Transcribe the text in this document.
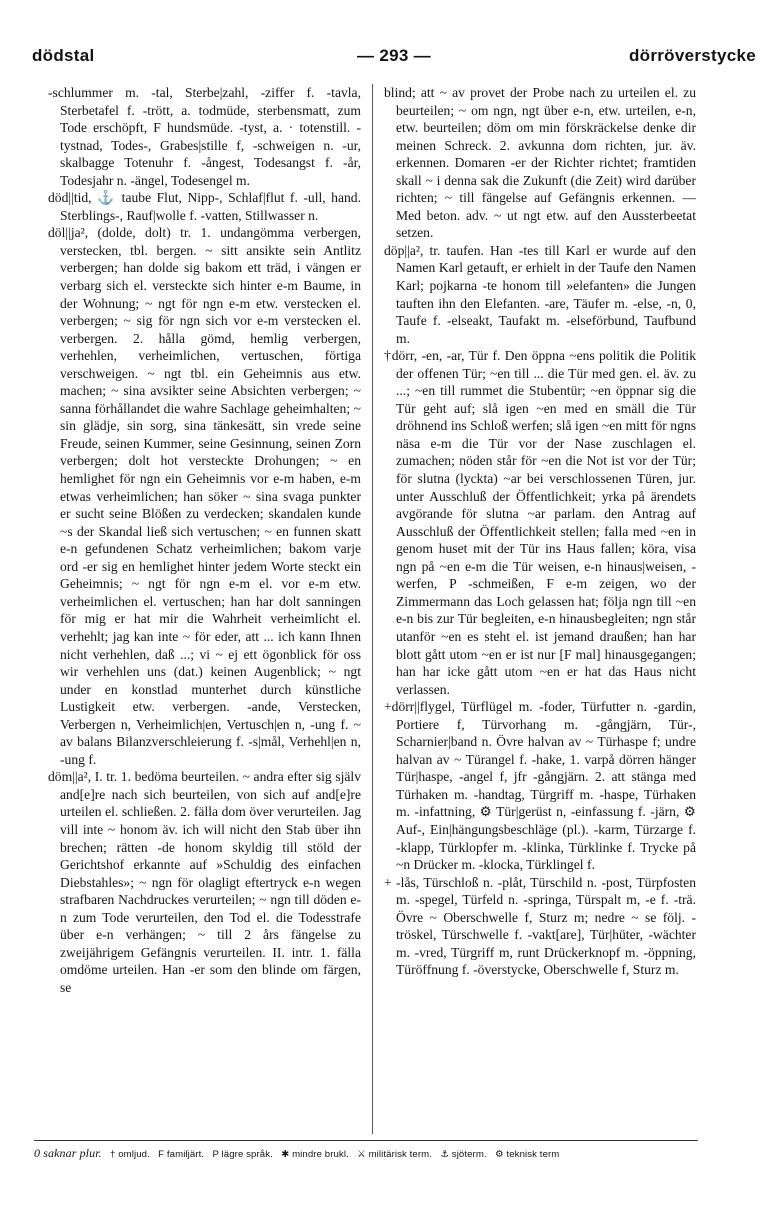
dödstal	— 293 —	dörröverstycke

-schlummer m. -tal, Sterbe|zahl, -ziffer f. -tavla, Sterbetafel f. -trött, a. todmüde, sterbensmatt, zum Tode erschöpft, F hundsmüde. -tyst, a. · totenstill. -tystnad, Todes-, Grabes|stille f, -schweigen n. -ur, skalbagge Totenuhr f. -ångest, Todesangst f. -år, Todesjahr n. -ängel, Todesengel m.

död||tid, ⚓ taube Flut, Nipp-, Schlaf|flut f. -ull, hand. Sterblings-, Rauf|wolle f. -vatten, Stillwasser n.

döl||ja², (dolde, dolt) tr. 1. undangömma verbergen, verstecken, tbl. bergen. ~ sitt ansikte sein Antlitz verbergen; han dolde sig bakom ett träd, i vängen er verbarg sich el. versteckte sich hinter e-m Baume, in der Wohnung; ~ ngt för ngn e-m etw. verstecken el. verbergen; ~ sig för ngn sich vor e-m verstecken el. verbergen. 2. hålla gömd, hemlig verbergen, verhehlen, verheimlichen, vertuschen, förtiga verschweigen. ~ ngt tbl. ein Geheimnis aus etw. machen; ~ sina avsikter seine Absichten verbergen; ~ sanna förhållandet die wahre Sachlage geheimhalten; ~ sin glädje, sin sorg, sina tänkesätt, sin vrede seine Freude, seinen Kummer, seine Gesinnung, seinen Zorn verbergen; dolt hot versteckte Drohungen; ~ en hemlighet för ngn ein Geheimnis vor e-m haben, e-m etwas verheimlichen; han söker ~ sina svaga punkter er sucht seine Blößen zu verdecken; skandalen kunde ~s der Skandal ließ sich vertuschen; ~ en funnen skatt e-n gefundenen Schatz verheimlichen; bakom varje ord -er sig en hemlighet hinter jedem Worte steckt ein Geheimnis; ~ ngt för ngn e-m el. vor e-m etw. verheimlichen el. vertuschen; han har dolt sanningen för mig er hat mir die Wahrheit verheimlicht el. verhehlt; jag kan inte ~ för eder, att ... ich kann Ihnen nicht verhehlen, daß ...; vi ~ ej ett ögonblick för oss wir verhehlen uns (dat.) keinen Augenblick; ~ ngt under en konstlad munterhet durch künstliche Lustigkeit etw. verbergen. -ande, Verstecken, Verbergen n, Verheimlich|en, Vertusch|en n, -ung f. ~ av balans Bilanzverschleierung f. -s|mål, Verhehl|en n, -ung f.

döm||a², I. tr. 1. bedöma beurteilen. ~ andra efter sig själv and[e]re nach sich beurteilen, von sich auf and[e]re urteilen el. schließen. 2. fälla dom över verurteilen. Jag vill inte ~ honom äv. ich will nicht den Stab über ihn brechen; rätten -de honom skyldig till stöld der Gerichtshof erkannte auf »Schuldig des einfachen Diebstahles»; ~ ngn för olagligt eftertryck e-n wegen strafbaren Nachdruckes verurteilen; ~ ngn till döden e-n zum Tode verurteilen, den Tod el. die Todesstrafe über e-n verhängen; ~ till 2 års fängelse zu zweijährigem Gefängnis verurteilen. II. intr. 1. fälla omdöme urteilen. Han -er som den blinde om färgen, se

blind; att ~ av provet der Probe nach zu urteilen el. zu beurteilen; ~ om ngn, ngt über e-n, etw. urteilen, e-n, etw. beurteilen; döm om min förskräckelse denke dir meinen Schreck. 2. avkunna dom richten, jur. äv. erkennen. Domaren -er der Richter richtet; framtiden skall ~ i denna sak die Zukunft (die Zeit) wird darüber richten; ~ till fängelse auf Gefängnis erkennen. — Med beton. adv. ~ ut ngt etw. auf den Aussterbeetat setzen.

döp||a², tr. taufen. Han -tes till Karl er wurde auf den Namen Karl getauft, er erhielt in der Taufe den Namen Karl; pojkarna -te honom till »elefanten» die Jungen tauften ihn den Elefanten. -are, Täufer m. -else, -n, 0, Taufe f. -elseakt, Taufakt m. -elseförbund, Taufbund m.

†dörr, -en, -ar, Tür f. Den öppna ~ens politik die Politik der offenen Tür; ~en till ... die Tür med gen. el. äv. zu ...; ~en till rummet die Stubentür; ~en öppnar sig die Tür geht auf; slå igen ~en med en smäll die Tür dröhnend ins Schloß werfen; slå igen ~en mitt för ngns näsa e-m die Tür vor der Nase zuschlagen el. zumachen; nöden står för ~en die Not ist vor der Tür; för slutna (lyckta) ~ar bei verschlossenen Türen, jur. unter Ausschluß der Öffentlichkeit; yrka på ärendets avgörande för slutna ~ar parlam. den Antrag auf Ausschluß der Öffentlichkeit stellen; falla med ~en in genom huset mit der Tür ins Haus fallen; köra, visa ngn på ~en e-m die Tür weisen, e-n hinaus|weisen, -werfen, P -schmeißen, F e-m zeigen, wo der Zimmermann das Loch gelassen hat; följa ngn till ~en e-n bis zur Tür begleiten, e-n hinausbegleiten; ngn står utanför ~en es steht el. ist jemand draußen; han har blott gått utom ~en er ist nur [F mal] hinausgegangen; han har icke gått utom ~en er hat das Haus nicht verlassen.

+dörr||flygel, Türflügel m. -foder, Türfutter n. -gardin, Portiere f, Türvorhang m. -gångjärn, Tür-, Scharnier|band n. Övre halvan av ~ Türhaspe f; undre halvan av ~ Türangel f. -hake, 1. varpå dörren hänger Tür|haspe, -angel f, jfr -gångjärn. 2. att stänga med Türhaken m. -handtag, Türgriff m. -haspe, Türhaken m. -infattning, ⚙ Tür|gerüst n, -einfassung f. -järn, ⚙ Auf-, Ein|hängungsbeschläge (pl.). -karm, Türzarge f. -klapp, Türklopfer m. -klinka, Türklinke f. Trycke på ~n Drücker m. -klocka, Türklingel f.

+ -lås, Türschloß n. -plåt, Türschild n. -post, Türpfosten m. -spegel, Türfeld n. -springa, Türspalt m, -e f. -trä. Övre ~ Oberschwelle f, Sturz m; nedre ~ se följ. -tröskel, Türschwelle f. -vakt[are], Tür|hüter, -wächter m. -vred, Türgriff m, runt Drückerknopf m. -öppning, Türöffnung f. -överstycke, Oberschwelle f, Sturz m.

0 saknar plur. † omljud. F familjärt. P lägre språk. ✱ mindre brukl. ⚔ militärisk term. ⚓ sjöterm. ⚙ teknisk term
